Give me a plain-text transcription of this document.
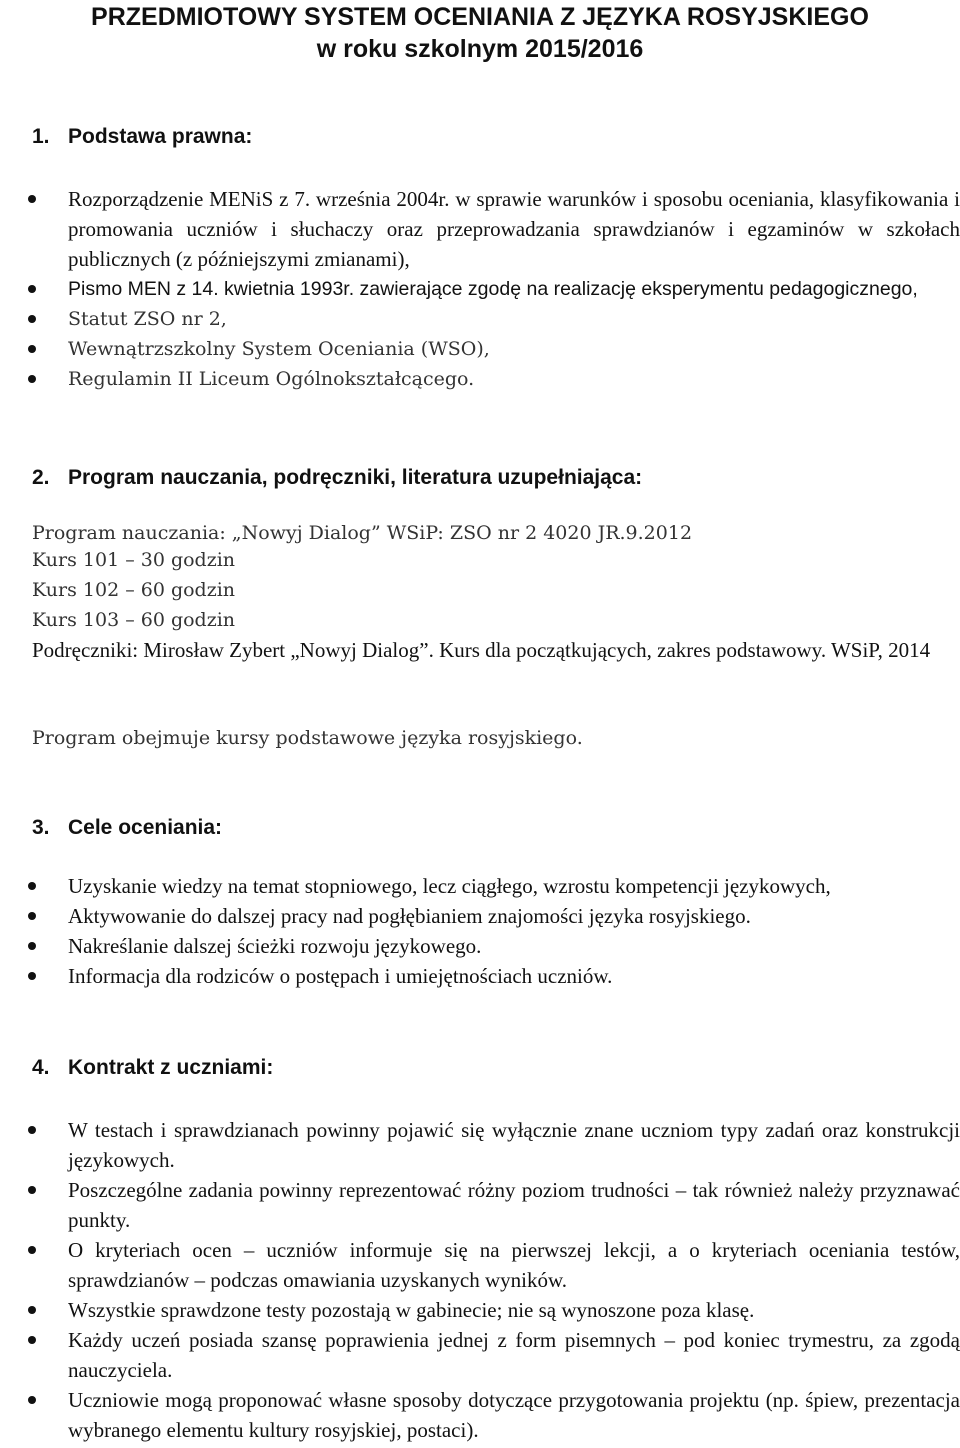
PRZEDMIOTOWY SYSTEM OCENIANIA Z JĘZYKA ROSYJSKIEGO
w roku szkolnym 2015/2016
1. Podstawa prawna:
Rozporządzenie MENiS z 7. września 2004r. w sprawie warunków i sposobu oceniania, klasyfikowania i promowania uczniów i słuchaczy oraz przeprowadzania sprawdzianów i egzaminów w szkołach publicznych (z późniejszymi zmianami),
Pismo MEN z 14. kwietnia 1993r. zawierające zgodę na realizację eksperymentu pedagogicznego,
Statut ZSO nr 2,
Wewnątrzszkolny System Oceniania (WSO),
Regulamin II Liceum Ogólnokształcącego.
2. Program nauczania, podręczniki, literatura uzupełniająca:

Program nauczania: „Nowyj Dialog” WSiP: ZSO nr 2 4020 JR.9.2012

Kurs 101 – 30 godzin

Kurs 102 – 60 godzin

Kurs 103 – 60 godzin

Podręczniki: Mirosław Zybert „Nowyj Dialog”. Kurs dla początkujących, zakres podstawowy. WSiP, 2014

Program obejmuje kursy podstawowe języka rosyjskiego.

3. Cele oceniania:
Uzyskanie wiedzy na temat stopniowego, lecz ciągłego, wzrostu kompetencji językowych,
Aktywowanie do dalszej pracy nad pogłębianiem znajomości języka rosyjskiego.
Nakreślanie dalszej ścieżki rozwoju językowego.
Informacja dla rodziców o postępach i umiejętnościach uczniów.
4. Kontrakt z uczniami:
W testach i sprawdzianach powinny pojawić się wyłącznie znane uczniom typy zadań oraz konstrukcji językowych.
Poszczególne zadania powinny reprezentować różny poziom trudności – tak również należy przyznawać punkty.
O kryteriach ocen – uczniów informuje się na pierwszej lekcji, a o kryteriach oceniania testów, sprawdzianów – podczas omawiania uzyskanych wyników.
Wszystkie sprawdzone testy pozostają w gabinecie; nie są wynoszone poza klasę.
Każdy uczeń posiada szansę poprawienia jednej z form pisemnych – pod koniec trymestru, za zgodą nauczyciela.
Uczniowie mogą proponować własne sposoby dotyczące przygotowania projektu (np. śpiew, prezentacja wybranego elementu kultury rosyjskiej, postaci).
